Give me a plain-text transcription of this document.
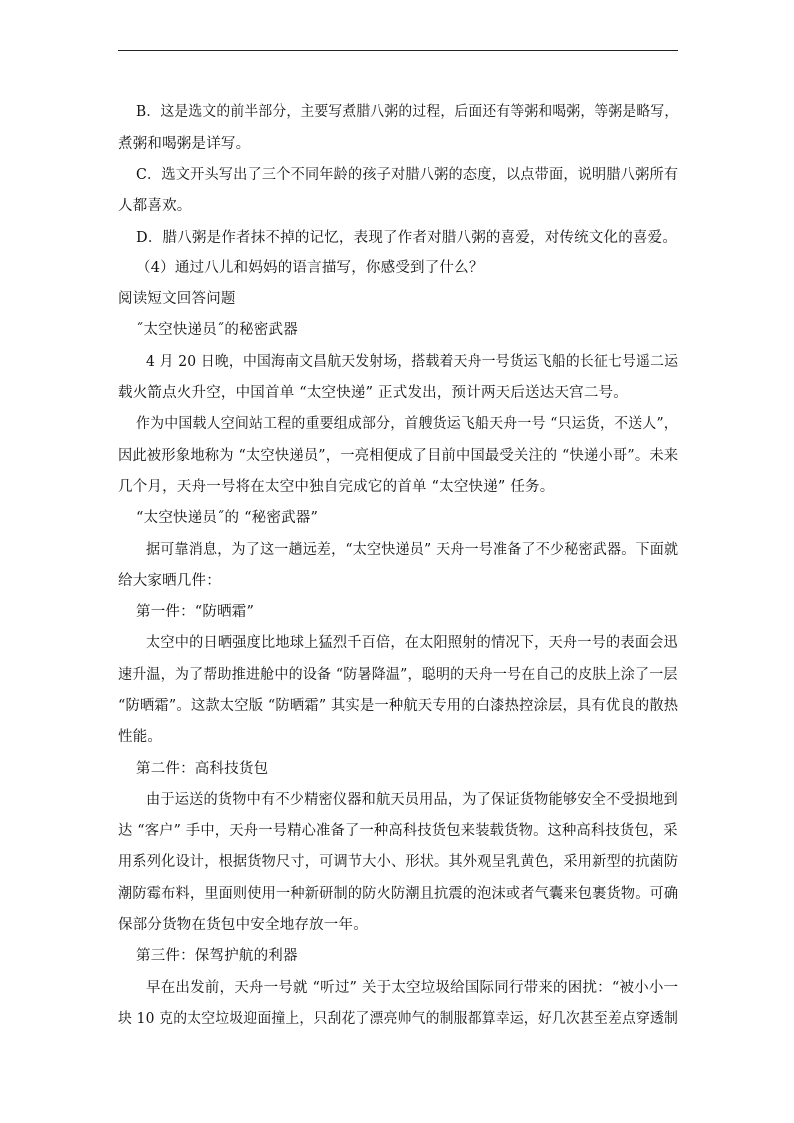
B．这是选文的前半部分，主要写煮腊八粥的过程，后面还有等粥和喝粥，等粥是略写，
煮粥和喝粥是详写。
C．选文开头写出了三个不同年龄的孩子对腊八粥的态度，以点带面，说明腊八粥所有
人都喜欢。
D．腊八粥是作者抹不掉的记忆，表现了作者对腊八粥的喜爱，对传统文化的喜爱。
（4）通过八儿和妈妈的语言描写，你感受到了什么？
阅读短文回答问题
˝太空快递员˝的秘密武器
4 月 20 日晚，中国海南文昌航天发射场，搭载着天舟一号货运飞船的长征七号遥二运
载火箭点火升空，中国首单 “太空快递” 正式发出，预计两天后送达天宫二号。
作为中国载人空间站工程的重要组成部分，首艘货运飞船天舟一号 “只运货，不送人”，
因此被形象地称为 “太空快递员”，一亮相便成了目前中国最受关注的 “快递小哥”。未来
几个月，天舟一号将在太空中独自完成它的首单 “太空快递” 任务。
“太空快递员˝的 “秘密武器”
据可靠消息，为了这一趟远差，“太空快递员” 天舟一号准备了不少秘密武器。下面就
给大家晒几件：
第一件：“防晒霜”
太空中的日晒强度比地球上猛烈千百倍，在太阳照射的情况下，天舟一号的表面会迅
速升温，为了帮助推进舱中的设备 “防暑降温”，聪明的天舟一号在自己的皮肤上涂了一层
“防晒霜”。这款太空版 “防晒霜” 其实是一种航天专用的白漆热控涂层，具有优良的散热
性能。
第二件：高科技货包
由于运送的货物中有不少精密仪器和航天员用品，为了保证货物能够安全不受损地到
达 “客户” 手中，天舟一号精心准备了一种高科技货包来装载货物。这种高科技货包，采
用系列化设计，根据货物尺寸，可调节大小、形状。其外观呈乳黄色，采用新型的抗菌防
潮防霉布料，里面则使用一种新研制的防火防潮且抗震的泡沫或者气囊来包裹货物。可确
保部分货物在货包中安全地存放一年。
第三件：保驾护航的利器
早在出发前，天舟一号就 “听过” 关于太空垃圾给国际同行带来的困扰：“被小小一
块 10 克的太空垃圾迎面撞上，只刮花了漂亮帅气的制服都算幸运，好几次甚至差点穿透制
